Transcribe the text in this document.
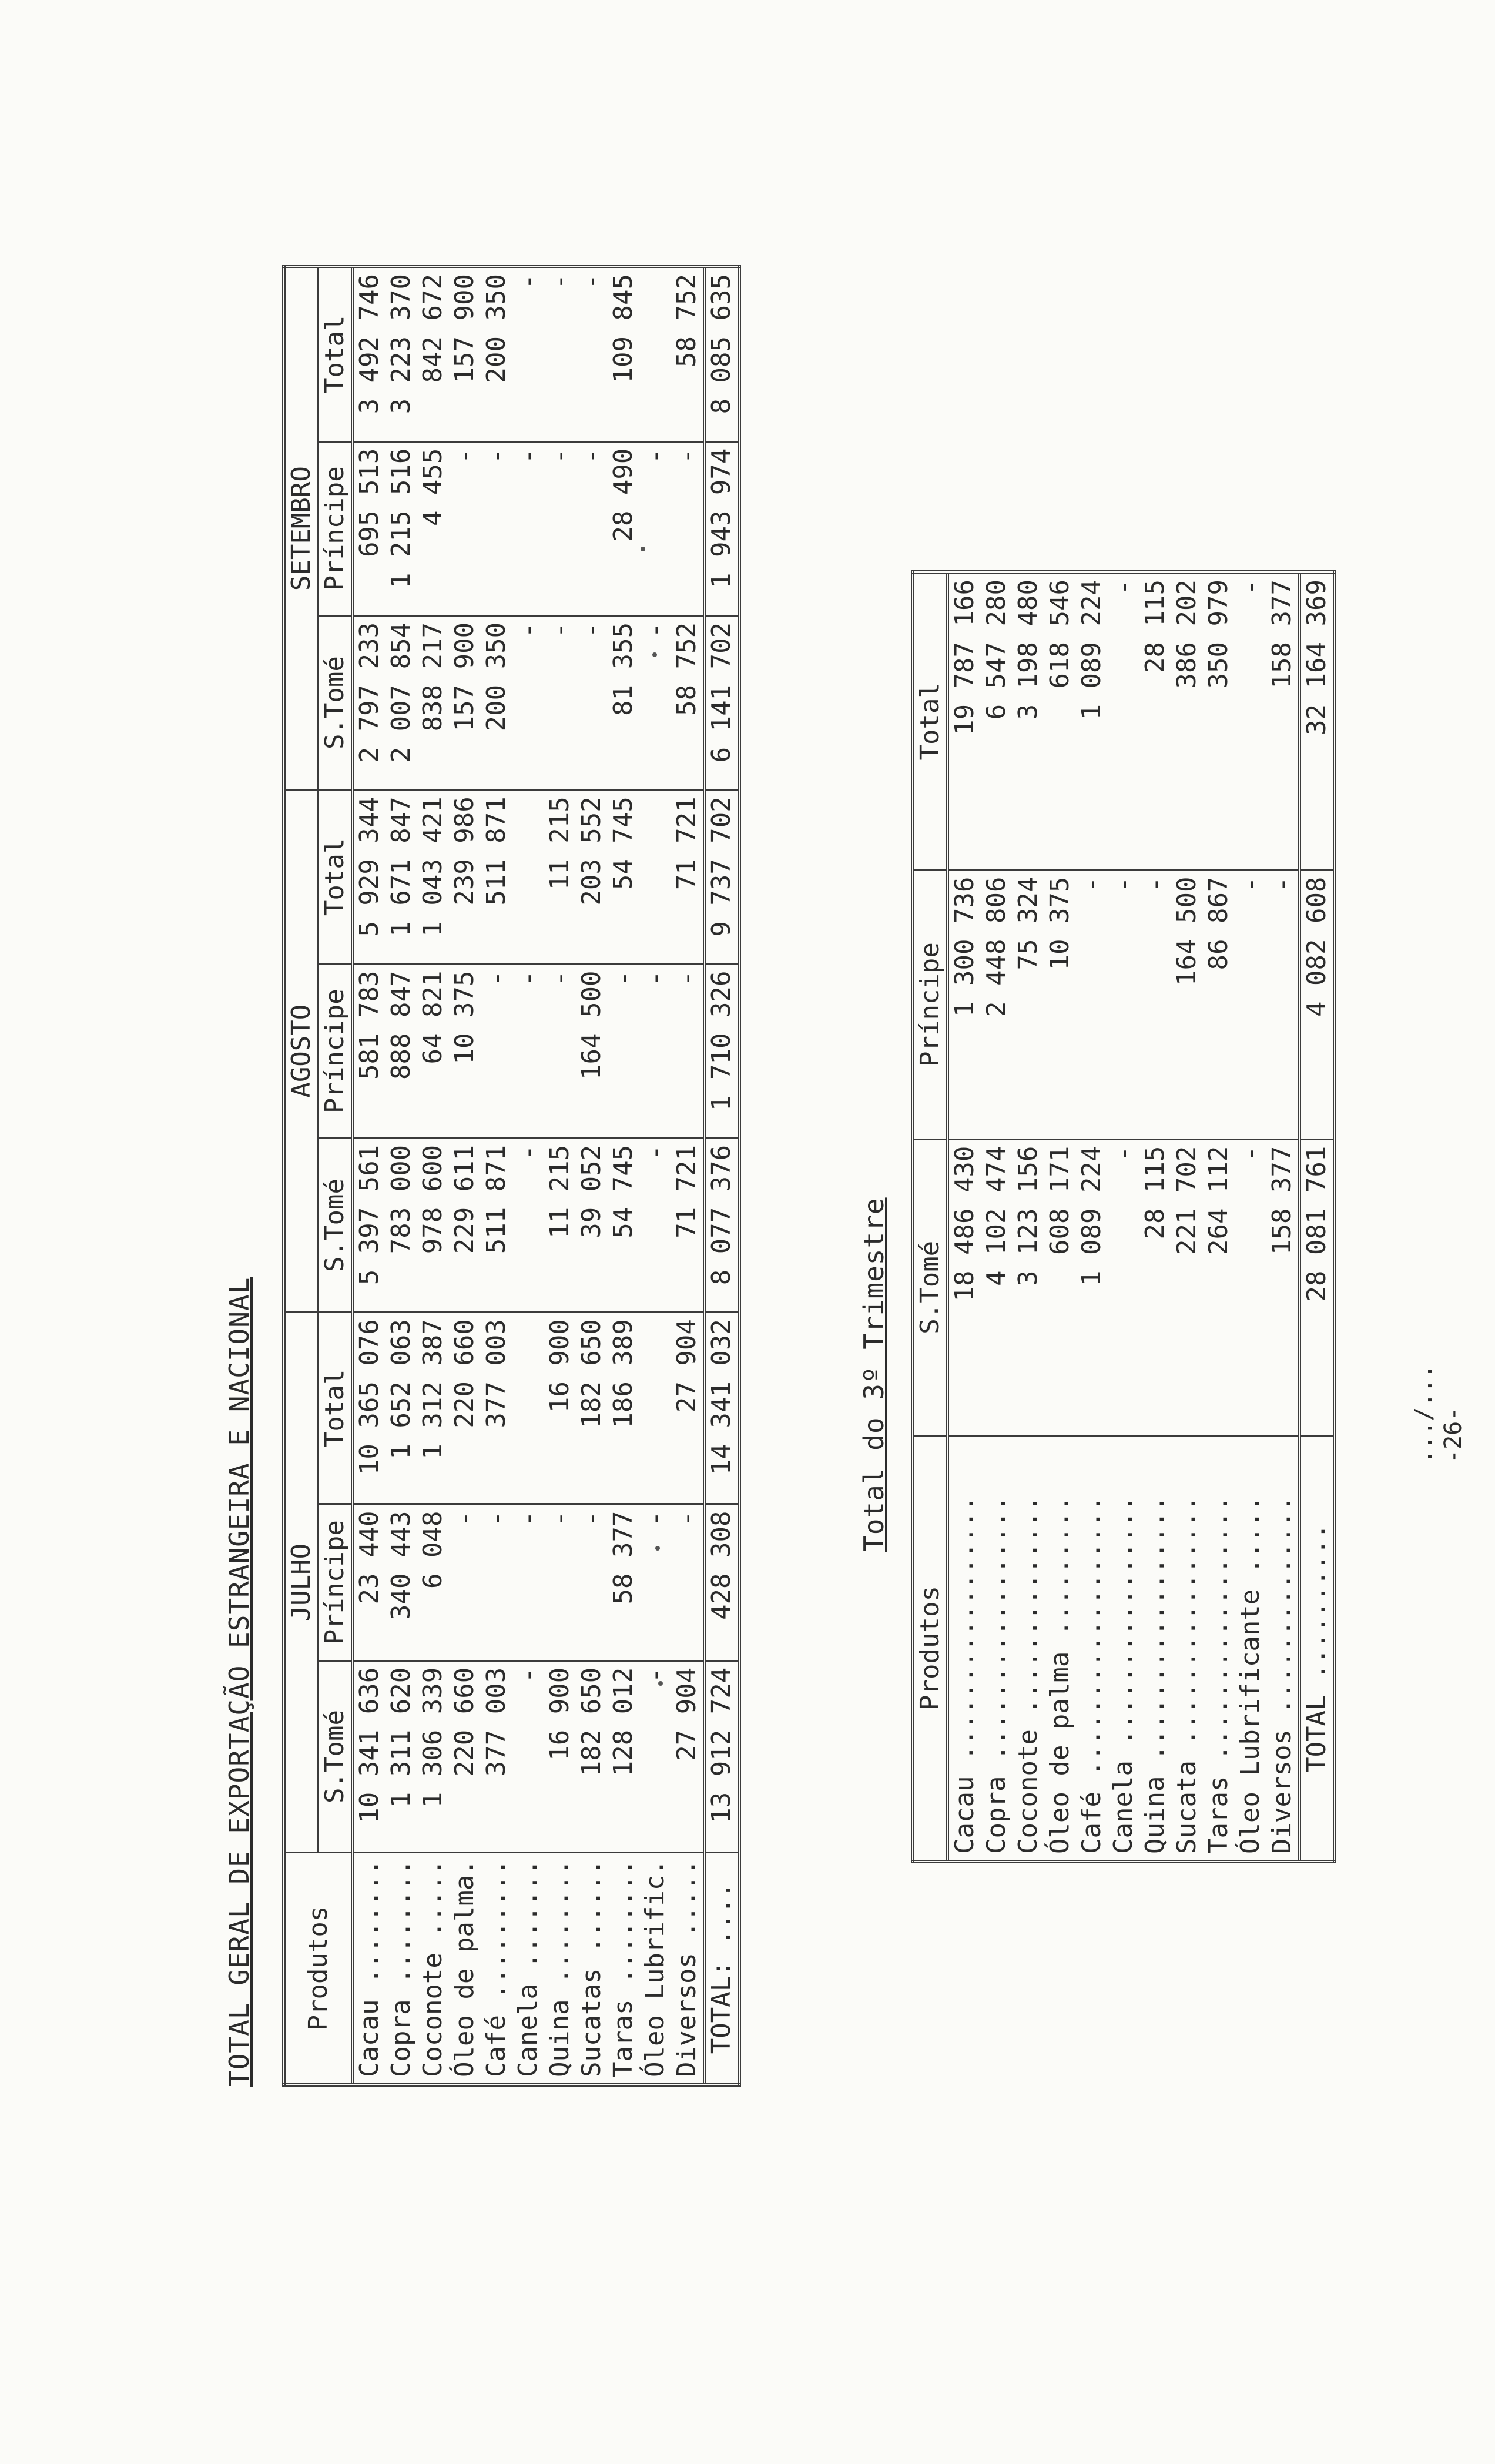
TOTAL GERAL DE EXPORTAÇÃO ESTRANGEIRA E NACIONAL Produtos	JULHO			AGOSTO			SETEMBRO		
	S.Tomé	Príncipe	Total	S.Tomé	Príncipe	Total	S.Tomé	Príncipe	Total
Cacau ........	10 341 636	23 440	10 365 076	5 397 561	581 783	5 929 344	2 797 233	695 513	3 492 746
Copra ........	1 311 620	340 443	1 652 063	783 000	888 847	1 671 847	2 007 854	1 215 516	3 223 370
Coconote .....	1 306 339	6 048	1 312 387	978 600	64 821	1 043 421	838 217	4 455	842 672
Óleo de palma.	220 660	-	220 660	229 611	10 375	239 986	157 900	-	157 900
Café .........	377 003	-	377 003	511 871	-	511 871	200 350	-	200 350
Canela .......	-	-		-	-		-	-	-
Quina ........	16 900	-	16 900	11 215	-	11 215	-	-	-
Sucatas ......	182 650	-	182 650	39 052	164 500	203 552	-	-	-
Taras ........	128 012	58 377	186 389	54 745	-	54 745	81 355	28 490	109 845
Óleo Lubrific.	-	-		-	-		-	-	
Diversos .....	27 904	-	27 904	71 721	-	71 721	58 752	-	58 752
TOTAL: ....	13 912 724	428 308	14 341 032	8 077 376	1 710 326	9 737 702	6 141 702	1 943 974	8 085 635
Total do 3º Trimestre
Produtos	S.Tomé	Príncipe	Total
Cacau .................	18 486 430	1 300 736	19 787 166
Copra .................	4 102 474	2 448 806	6 547 280
Coconote ..............	3 123 156	75 324	3 198 480
Óleo de palma .........	608 171	10 375	618 546
Café ..................	1 089 224	-	1 089 224
Canela ................	-	-	-
Quina .................	28 115	-	28 115
Sucata ................	221 702	164 500	386 202
Taras .................	264 112	86 867	350 979
Óleo Lubrificante .....	-	-	-
Diversos ..............	158 377	-	158 377
TOTAL ..........	28 081 761	4 082 608	32 164 369
.../... -26-
